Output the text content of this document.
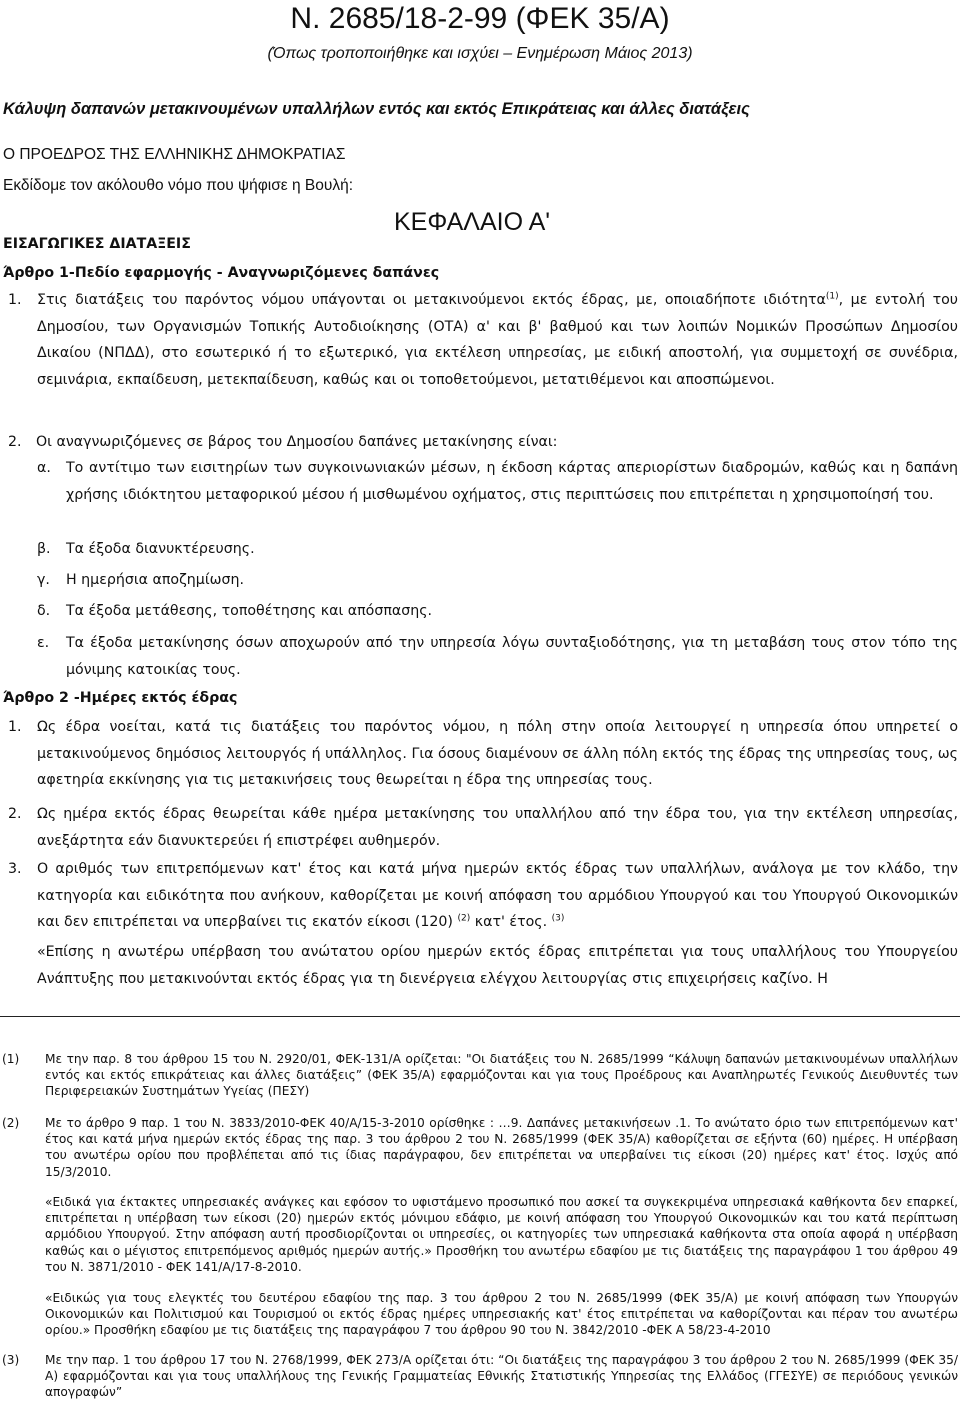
Ν. 2685/18-2-99 (ΦΕΚ 35/Α)
(Όπως τροποποιήθηκε και ισχύει – Ενημέρωση Μάιος 2013)
Κάλυψη δαπανών μετακινουμένων υπαλλήλων εντός και εκτός Επικράτειας και άλλες διατάξεις
Ο ΠΡΟΕΔΡΟΣ ΤΗΣ ΕΛΛΗΝΙΚΗΣ ΔΗΜΟΚΡΑΤΙΑΣ
Εκδίδομε τον ακόλουθο νόμο που ψήφισε η Βουλή:
ΚΕΦΑΛΑΙΟ Α'
ΕΙΣΑΓΩΓΙΚΕΣ ΔΙΑΤΑΞΕΙΣ
Άρθρο 1-Πεδίο εφαρμογής - Αναγνωριζόμενες δαπάνες

1. Στις διατάξεις του παρόντος νόμου υπάγονται οι μετακινούμενοι εκτός έδρας, με, οποιαδήποτε ιδιότητα$^{(1)}$, με εντολή του Δημοσίου, των Οργανισμών Τοπικής Αυτοδιοίκησης (ΟΤΑ) α' και β' βαθμού και των λοιπών Νομικών Προσώπων Δημοσίου Δικαίου (ΝΠΔΔ), στο εσωτερικό ή το εξωτερικό, για εκτέλεση υπηρεσίας, με ειδική αποστολή, για συμμετοχή σε συνέδρια, σεμινάρια, εκπαίδευση, μετεκπαίδευση, καθώς και οι τοποθετούμενοι, μετατιθέμενοι και αποσπώμενοι.

2. Οι αναγνωριζόμενες σε βάρος του Δημοσίου δαπάνες μετακίνησης είναι:
α. Το αντίτιμο των εισιτηρίων των συγκοινωνιακών μέσων, η έκδοση κάρτας απεριορίστων διαδρομών, καθώς και η δαπάνη χρήσης ιδιόκτητου μεταφορικού μέσου ή μισθωμένου οχήματος, στις περιπτώσεις που επιτρέπεται η χρησιμοποίησή του.
β. Τα έξοδα διανυκτέρευσης.
γ. Η ημερήσια αποζημίωση.
δ. Τα έξοδα μετάθεσης, τοποθέτησης και απόσπασης.
ε. Τα έξοδα μετακίνησης όσων αποχωρούν από την υπηρεσία λόγω συνταξιοδότησης, για τη μεταβάση τους στον τόπο της μόνιμης κατοικίας τους.
Άρθρο 2 -Ημέρες εκτός έδρας
1. Ως έδρα νοείται, κατά τις διατάξεις του παρόντος νόμου, η πόλη στην οποία λειτουργεί η υπηρεσία όπου υπηρετεί ο μετακινούμενος δημόσιος λειτουργός ή υπάλληλος. Για όσους διαμένουν σε άλλη πόλη εκτός της έδρας της υπηρεσίας τους, ως αφετηρία εκκίνησης για τις μετακινήσεις τους θεωρείται η έδρα της υπηρεσίας τους.
2. Ως ημέρα εκτός έδρας θεωρείται κάθε ημέρα μετακίνησης του υπαλλήλου από την έδρα του, για την εκτέλεση υπηρεσίας, ανεξάρτητα εάν διανυκτερεύει ή επιστρέφει αυθημερόν.
3. Ο αριθμός των επιτρεπόμενων κατ' έτος και κατά μήνα ημερών εκτός έδρας των υπαλλήλων, ανάλογα με τον κλάδο, την κατηγορία και ειδικότητα που ανήκουν, καθορίζεται με κοινή απόφαση του αρμόδιου Υπουργού και του Υπουργού Οικονομικών και δεν επιτρέπεται να υπερβαίνει τις εκατόν είκοσι (120) $^{(2)}$ κατ' έτος. $^{(3)}$
«Επίσης η ανωτέρω υπέρβαση του ανώτατου ορίου ημερών εκτός έδρας επιτρέπεται για τους υπαλλήλους του Υπουργείου Ανάπτυξης που μετακινούνται εκτός έδρας για τη διενέργεια ελέγχου λειτουργίας στις επιχειρήσεις καζίνο. Η
(1) Με την παρ. 8 του άρθρου 15 του Ν. 2920/01, ΦΕΚ-131/Α ορίζεται: "Οι διατάξεις του Ν. 2685/1999 “Κάλυψη δαπανών μετακινουμένων υπαλλήλων εντός και εκτός επικράτειας και άλλες διατάξεις” (ΦΕΚ 35/Α) εφαρμόζονται και για τους Προέδρους και Αναπληρωτές Γενικούς Διευθυντές των Περιφερειακών Συστημάτων Υγείας (ΠΕΣΥ)
(2) Με το άρθρο 9 παρ. 1 του Ν. 3833/2010-ΦΕΚ 40/Α/15-3-2010 ορίσθηκε : …9. Δαπάνες μετακινήσεων .1. Το ανώτατο όριο των επιτρεπόμενων κατ' έτος και κατά μήνα ημερών εκτός έδρας της παρ. 3 του άρθρου 2 του Ν. 2685/1999 (ΦΕΚ 35/Α) καθορίζεται σε εξήντα (60) ημέρες. Η υπέρβαση του ανωτέρω ορίου που προβλέπεται από τις ίδιας παράγραφου, δεν επιτρέπεται να υπερβαίνει τις είκοσι (20) ημέρες κατ' έτος. Ισχύς από 15/3/2010.
«Ειδικά για έκτακτες υπηρεσιακές ανάγκες και εφόσον το υφιστάμενο προσωπικό που ασκεί τα συγκεκριμένα υπηρεσιακά καθήκοντα δεν επαρκεί, επιτρέπεται η υπέρβαση των είκοσι (20) ημερών εκτός μόνιμου εδάφιο, με κοινή απόφαση του Υπουργού Οικονομικών και του κατά περίπτωση αρμόδιου Υπουργού. Στην απόφαση αυτή προσδιορίζονται οι υπηρεσίες, οι κατηγορίες των υπηρεσιακά καθήκοντα στα οποία αφορά η υπέρβαση καθώς και ο μέγιστος επιτρεπόμενος αριθμός ημερών αυτής.» Προσθήκη του ανωτέρω εδαφίου με τις διατάξεις της παραγράφου 1 του άρθρου 49 του Ν. 3871/2010 - ΦΕΚ 141/Α/17-8-2010.
«Ειδικώς για τους ελεγκτές του δευτέρου εδαφίου της παρ. 3 του άρθρου 2 του Ν. 2685/1999 (ΦΕΚ 35/Α) με κοινή απόφαση των Υπουργών Οικονομικών και Πολιτισμού και Τουρισμού οι εκτός έδρας ημέρες υπηρεσιακής κατ' έτος επιτρέπεται να καθορίζονται και πέραν του ανωτέρω ορίου.» Προσθήκη εδαφίου με τις διατάξεις της παραγράφου 7 του άρθρου 90 του Ν. 3842/2010 -ΦΕΚ Α 58/23-4-2010
(3) Με την παρ. 1 του άρθρου 17 του Ν. 2768/1999, ΦΕΚ 273/Α ορίζεται ότι: “Οι διατάξεις της παραγράφου 3 του άρθρου 2 του Ν. 2685/1999 (ΦΕΚ 35/Α) εφαρμόζονται και για τους υπαλλήλους της Γενικής Γραμματείας Εθνικής Στατιστικής Υπηρεσίας της Ελλάδος (ΓΓΕΣΥΕ) σε περιόδους γενικών απογραφών”
